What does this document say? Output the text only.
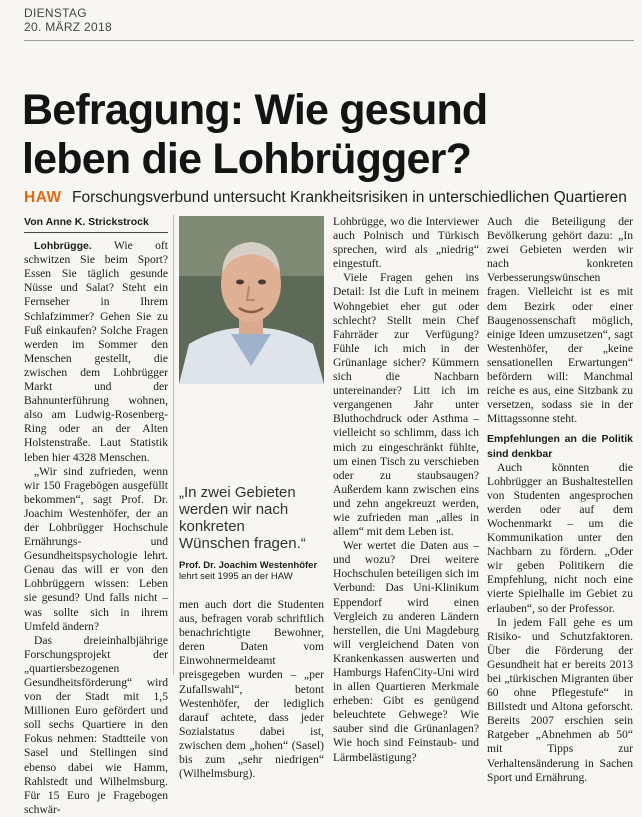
DIENSTAG
20. MÄRZ 2018
Befragung: Wie gesund
leben die Lohbrügger?
HAW Forschungsverbund untersucht Krankheitsrisiken in unterschiedlichen Quartieren

Von Anne K. Strickstrock

Lohbrügge. Wie oft schwitzen Sie beim Sport? Essen Sie täglich gesunde Nüsse und Salat? Steht ein Fernseher in Ihrem Schlafzimmer? Gehen Sie zu Fuß einkaufen? Solche Fragen werden im Sommer den Menschen gestellt, die zwischen dem Lohbrügger Markt und der Bahnunterführung wohnen, also am Ludwig-Rosenberg-Ring oder an der Alten Holstenstraße. Laut Statistik leben hier 4328 Menschen.

„Wir sind zufrieden, wenn wir 150 Fragebögen ausgefüllt bekommen“, sagt Prof. Dr. Joachim Westenhöfer, der an der Lohbrügger Hochschule Ernährungs- und Gesundheitspsychologie lehrt. Genau das will er von den Lohbrüggern wissen: Leben sie gesund? Und falls nicht – was sollte sich in ihrem Umfeld ändern?

Das dreieinhalbjährige Forschungsprojekt der „quartiersbezogenen Gesundheitsförderung“ wird von der Stadt mit 1,5 Millionen Euro gefördert und soll sechs Quartiere in den Fokus nehmen: Stadtteile von Sasel und Stellingen sind ebenso dabei wie Hamm, Rahlstedt und Wilhelmsburg. Für 15 Euro je Fragebogen schwär-

„In zwei Gebieten werden wir nach konkreten Wünschen fragen.“
Prof. Dr. Joachim Westenhöfer
lehrt seit 1995 an der HAW

men auch dort die Studenten aus, befragen vorab schriftlich benachrichtigte Bewohner, deren Daten vom Einwohnermeldeamt preisgegeben wurden – „per Zufallswahl“, betont Westenhöfer, der lediglich darauf achtete, dass jeder Sozialstatus dabei ist, zwischen dem „hohen“ (Sasel) bis zum „sehr niedrigen“ (Wilhelmsburg).

Lohbrügge, wo die Interviewer auch Polnisch und Türkisch sprechen, wird als „niedrig“ eingestuft.

Viele Fragen gehen ins Detail: Ist die Luft in meinem Wohngebiet eher gut oder schlecht? Stellt mein Chef Fahrräder zur Verfügung? Fühle ich mich in der Grünanlage sicher? Kümmern sich die Nachbarn untereinander? Litt ich im vergangenen Jahr unter Bluthochdruck oder Asthma – vielleicht so schlimm, dass ich mich zu eingeschränkt fühlte, um einen Tisch zu verschieben oder zu staubsaugen? Außerdem kann zwischen eins und zehn angekreuzt werden, wie zufrieden man „alles in allem“ mit dem Leben ist.

Wer wertet die Daten aus – und wozu? Drei weitere Hochschulen beteiligen sich im Verbund: Das Uni-Klinikum Eppendorf wird einen Vergleich zu anderen Ländern herstellen, die Uni Magdeburg will vergleichend Daten von Krankenkassen auswerten und Hamburgs HafenCity-Uni wird in allen Quartieren Merkmale erheben: Gibt es genügend beleuchtete Gehwege? Wie sauber sind die Grünanlagen? Wie hoch sind Feinstaub- und Lärmbelästigung?

Auch die Beteiligung der Bevölkerung gehört dazu: „In zwei Gebieten werden wir nach konkreten Verbesserungswünschen fragen. Vielleicht ist es mit dem Bezirk oder einer Baugenossenschaft möglich, einige Ideen umzusetzen“, sagt Westenhöfer, der „keine sensationellen Erwartungen“ befördern will: Manchmal reiche es aus, eine Sitzbank zu versetzen, sodass sie in der Mittagssonne steht.

Empfehlungen an die Politik sind denkbar

Auch könnten die Lohbrügger an Bushaltestellen von Studenten angesprochen werden oder auf dem Wochenmarkt – um die Kommunikation unter den Nachbarn zu fördern. „Oder wir geben Politikern die Empfehlung, nicht noch eine vierte Spielhalle im Gebiet zu erlauben“, so der Professor.

In jedem Fall gehe es um Risiko- und Schutzfaktoren. Über die Förderung der Gesundheit hat er bereits 2013 bei „türkischen Migranten über 60 ohne Pflegestufe“ in Billstedt und Altona geforscht. Bereits 2007 erschien sein Ratgeber „Abnehmen ab 50“ mit Tipps zur Verhaltensänderung in Sachen Sport und Ernährung.
